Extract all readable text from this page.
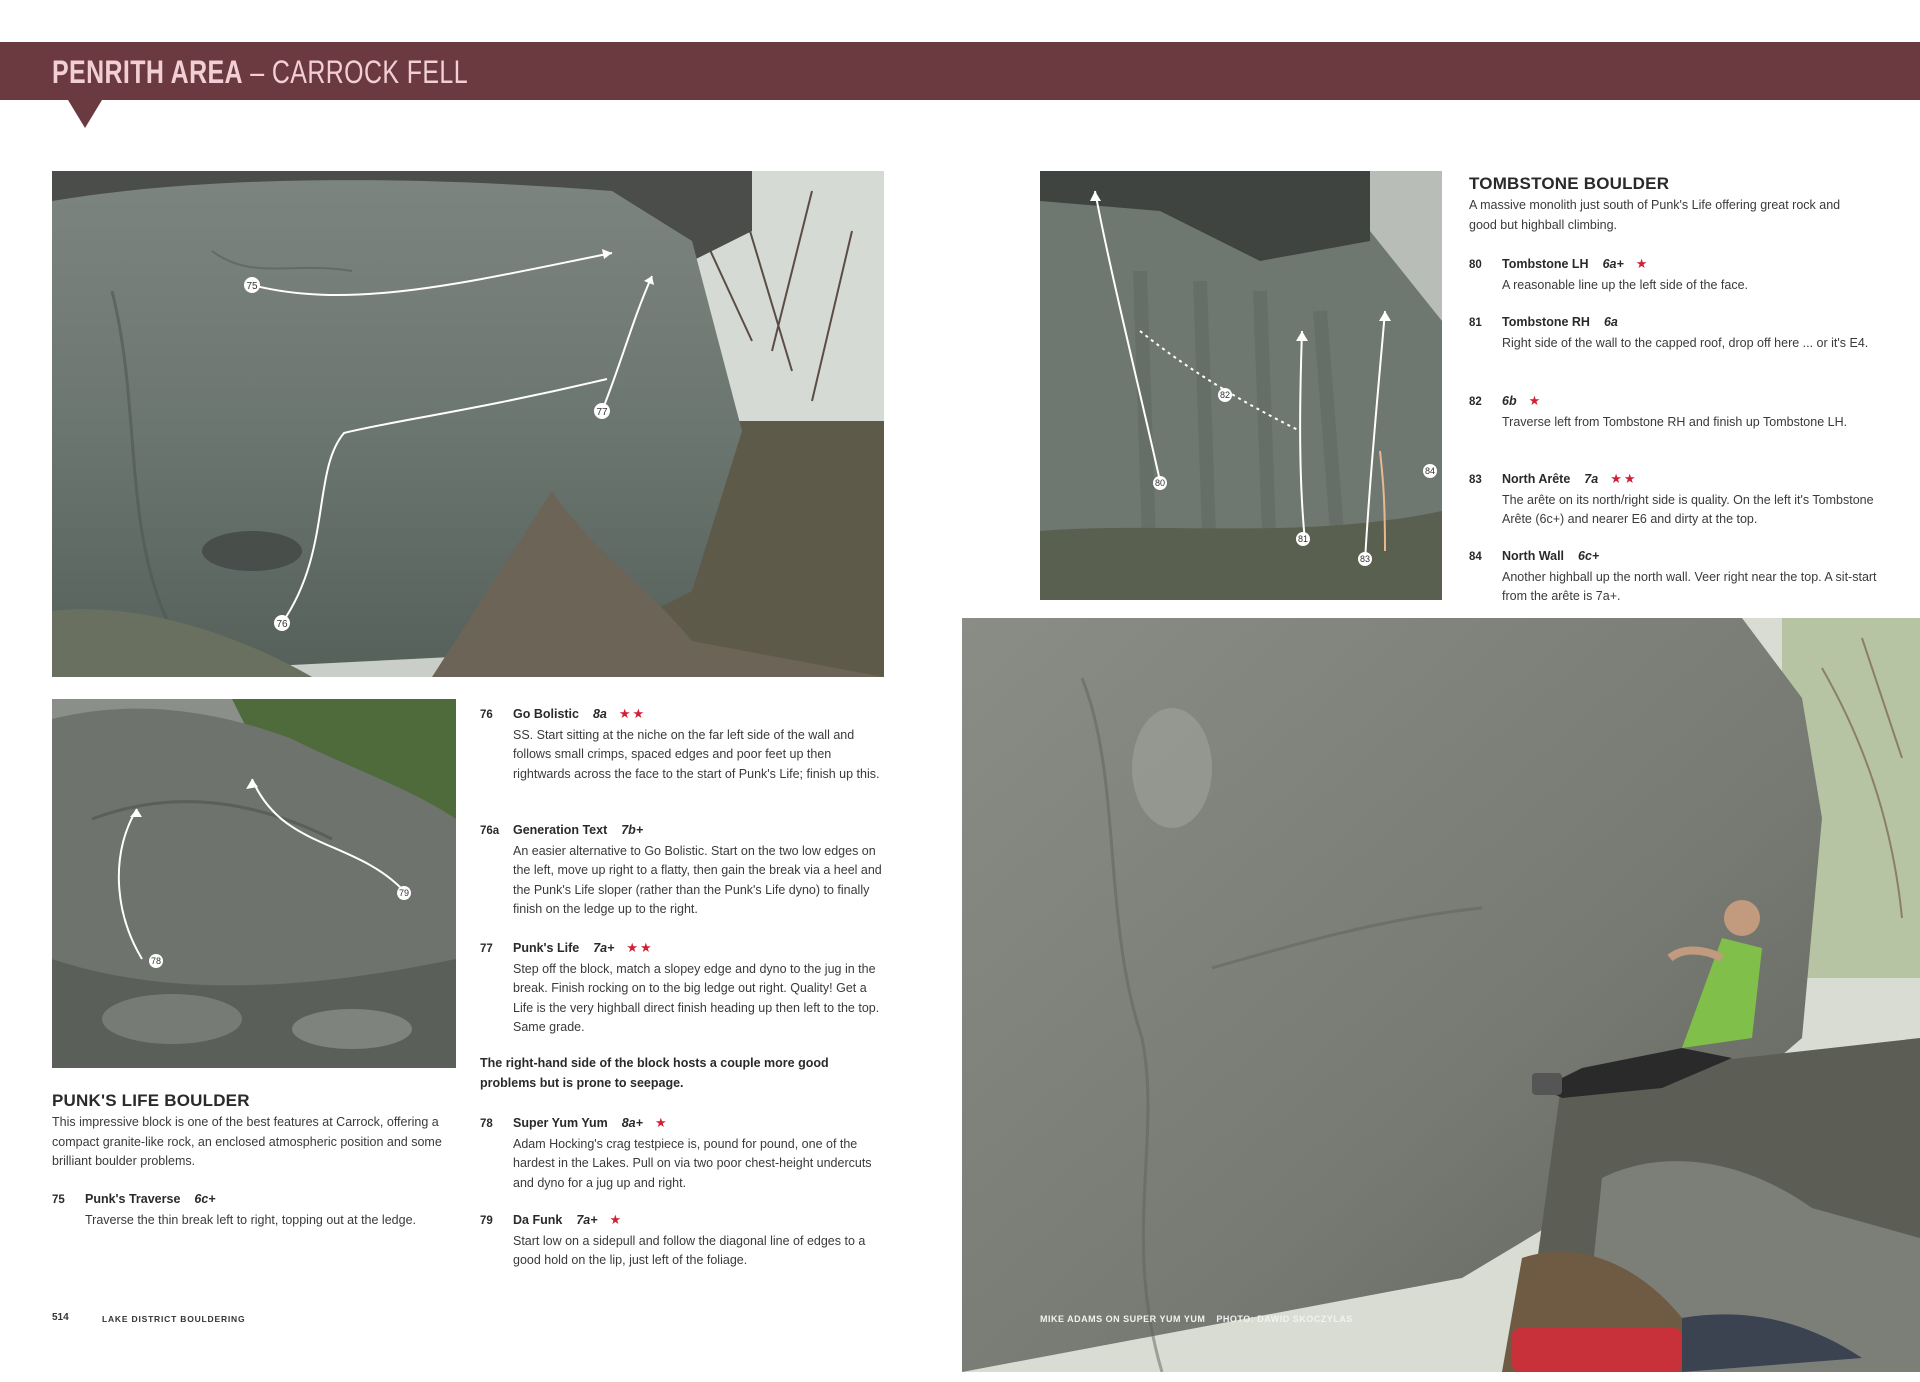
PENRITH AREA – CARROCK FELL
75
76
77
78
79
80
81
82
83
84
PUNK'S LIFE BOULDER
This impressive block is one of the best features at Carrock, offering a compact granite-like rock, an enclosed atmospheric position and some brilliant boulder problems.
75	Punk's Traverse 6c+
Traverse the thin break left to right, topping out at the ledge.
76	Go Bolistic 8a ★★
SS. Start sitting at the niche on the far left side of the wall and follows small crimps, spaced edges and poor feet up then rightwards across the face to the start of Punk's Life; finish up this.
76a	Generation Text 7b+
An easier alternative to Go Bolistic. Start on the two low edges on the left, move up right to a flatty, then gain the break via a heel and the Punk's Life sloper (rather than the Punk's Life dyno) to finally finish on the ledge up to the right.
77	Punk's Life 7a+ ★★
Step off the block, match a slopey edge and dyno to the jug in the break. Finish rocking on to the big ledge out right. Quality! Get a Life is the very highball direct finish heading up then left to the top. Same grade.
The right-hand side of the block hosts a couple more good problems but is prone to seepage.
78	Super Yum Yum 8a+ ★
Adam Hocking's crag testpiece is, pound for pound, one of the hardest in the Lakes. Pull on via two poor chest-height undercuts and dyno for a jug up and right.
79	Da Funk 7a+ ★
Start low on a sidepull and follow the diagonal line of edges to a good hold on the lip, just left of the foliage.
TOMBSTONE BOULDER
A massive monolith just south of Punk's Life offering great rock and good but highball climbing.
80	Tombstone LH 6a+ ★
A reasonable line up the left side of the face.
81	Tombstone RH 6a
Right side of the wall to the capped roof, drop off here ... or it's E4.
82	6b ★
Traverse left from Tombstone RH and finish up Tombstone LH.
83	North Arête 7a ★★
The arête on its north/right side is quality. On the left it's Tombstone Arête (6c+) and nearer E6 and dirty at the top.
84	North Wall 6c+
Another highball up the north wall. Veer right near the top. A sit-start from the arête is 7a+.
514	LAKE DISTRICT BOULDERING	MIKE ADAMS ON SUPER YUM YUM PHOTO: DAWID SKOCZYLAS
